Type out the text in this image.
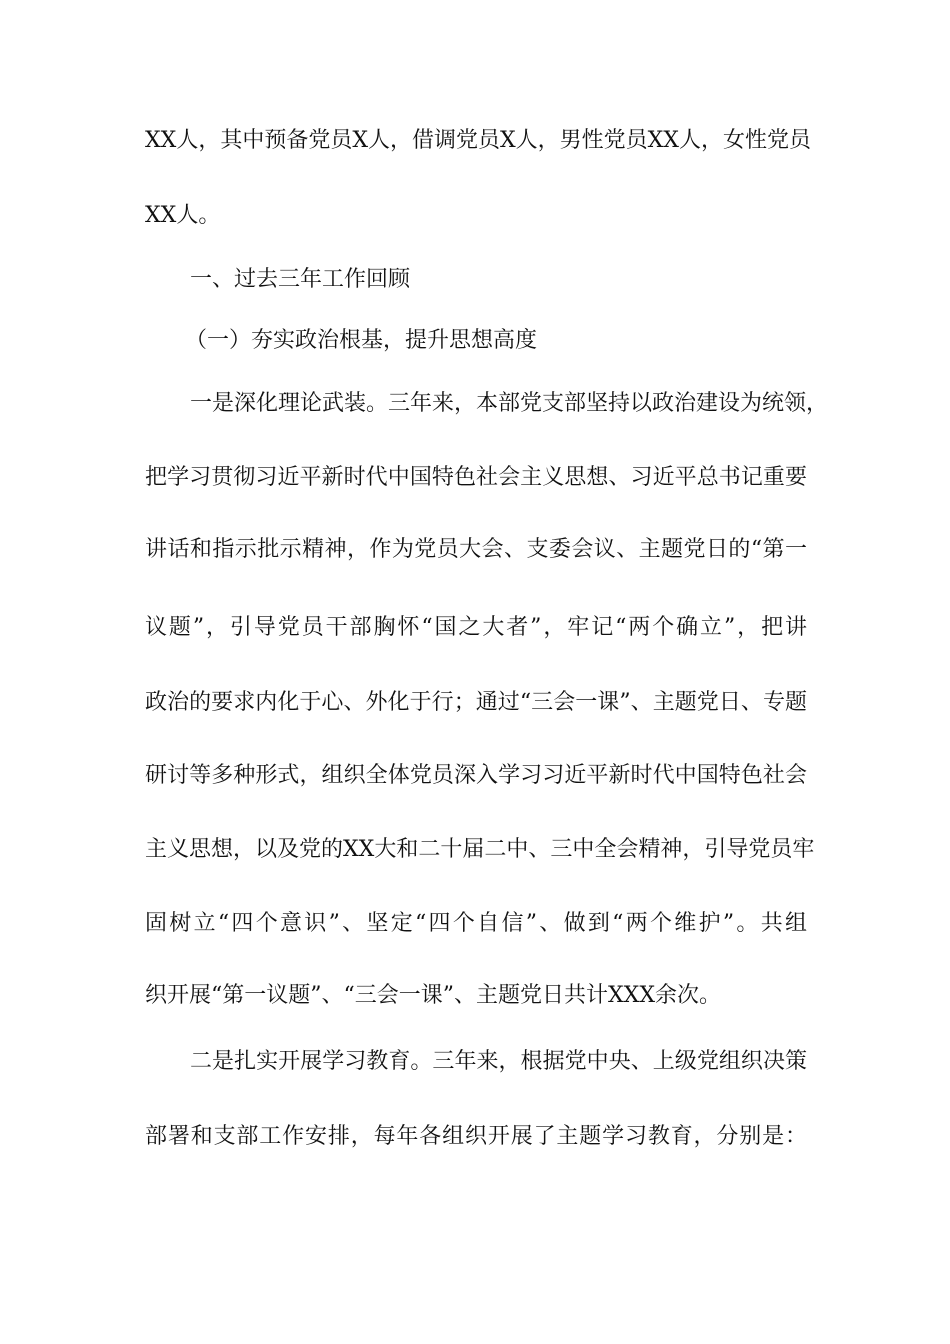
XX人，其中预备党员X人，借调党员X人，男性党员XX人，女性党员
XX人。
一、过去三年工作回顾
（一）夯实政治根基，提升思想高度
一是深化理论武装。三年来，本部党支部坚持以政治建设为统领，
把学习贯彻习近平新时代中国特色社会主义思想、习近平总书记重要
讲话和指示批示精神，作为党员大会、支委会议、主题党日的“第一
议题”，引导党员干部胸怀“国之大者”，牢记“两个确立”，把讲
政治的要求内化于心、外化于行；通过“三会一课”、主题党日、专题
研讨等多种形式，组织全体党员深入学习习近平新时代中国特色社会
主义思想，以及党的XX大和二十届二中、三中全会精神，引导党员牢
固树立“四个意识”、坚定“四个自信”、做到“两个维护”。共组
织开展“第一议题”、“三会一课”、主题党日共计XXX余次。
二是扎实开展学习教育。三年来，根据党中央、上级党组织决策
部署和支部工作安排，每年各组织开展了主题学习教育，分别是：
